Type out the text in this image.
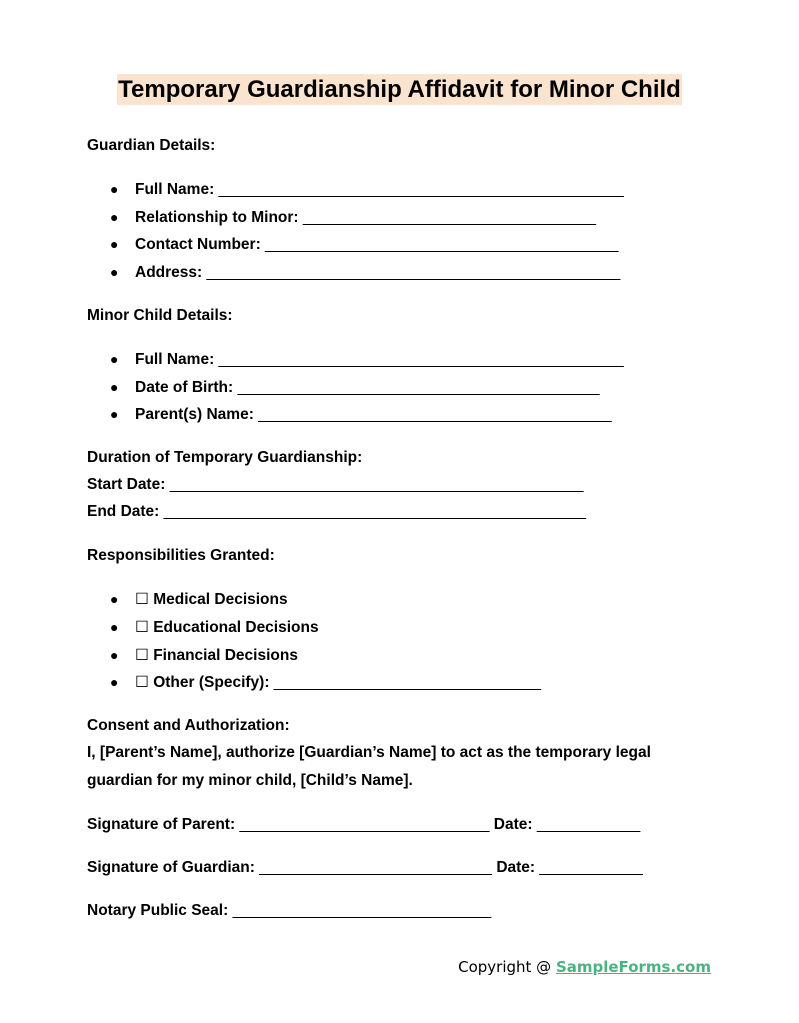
Temporary Guardianship Affidavit for Minor Child
Guardian Details:
● Full Name: _______________________________________________
● Relationship to Minor: __________________________________
● Contact Number: _________________________________________
● Address: ________________________________________________
Minor Child Details:
● Full Name: _______________________________________________
● Date of Birth: __________________________________________
● Parent(s) Name: _________________________________________
Duration of Temporary Guardianship:
Start Date: ________________________________________________
End Date: _________________________________________________
Responsibilities Granted:
● ☐ Medical Decisions
● ☐ Educational Decisions
● ☐ Financial Decisions
● ☐ Other (Specify): _______________________________
Consent and Authorization:
I, [Parent’s Name], authorize [Guardian’s Name] to act as the temporary legal
guardian for my minor child, [Child’s Name].
Signature of Parent: _____________________________ Date: ____________
Signature of Guardian: ___________________________ Date: ____________
Notary Public Seal: ______________________________
Copyright @ SampleForms.com
